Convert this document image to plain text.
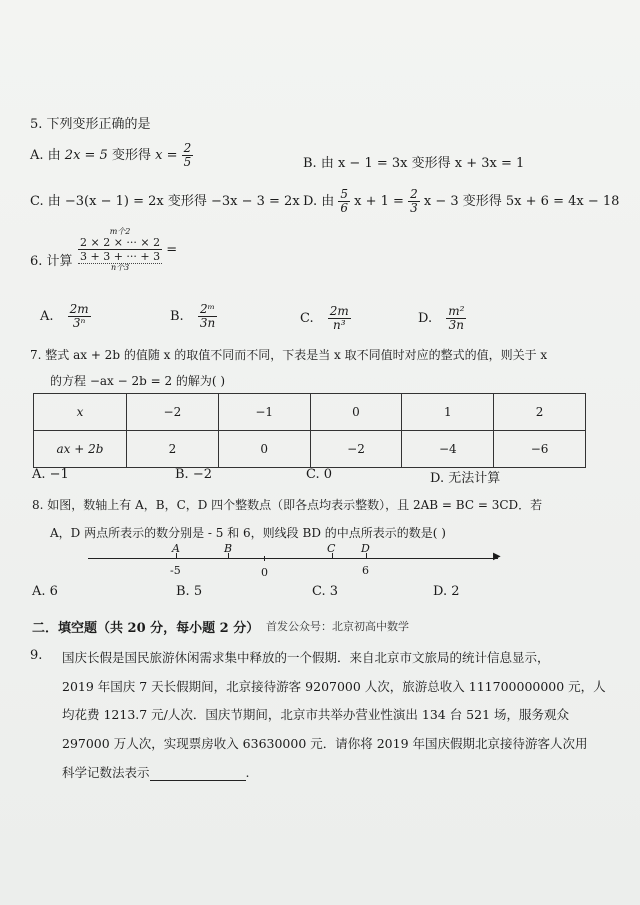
5. 下列变形正确的是
A. 由 2x = 5 变形得 $x = \frac{2}{5}$	B. 由 x − 1 = 3x 变形得 x + 3x = 1
C. 由 −3(x − 1) = 2x 变形得 −3x − 3 = 2x D. 由 $\frac{5}{6}$ $x + 1 = \frac{2}{3}$ x − 3 变形得 5x + 6 = 4x − 18
6. 计算
m个2
2 × 2 × ··· × 2
3 + 3 + ··· + 3
n个3
=
A. $\frac{2m}{\text{3ⁿ}}$	B. $\frac{\text{2ᵐ}}{3n}$	C. $\frac{2m}{\text{n³}}$	D. $\frac{\text{m²}}{3n}$
7. 整式 ax + 2b 的值随 x 的取值不同而不同，下表是当 x 取不同值时对应的整式的值，则关于 x
的方程 −ax − 2b = 2 的解为( )
x	−2	−1	0	1	2
ax + 2b	2	0	−2	−4	−6
A. −1	B. −2	C. 0	D. 无法计算
8. 如图，数轴上有 A，B，C，D 四个整数点（即各点均表示整数），且 2AB = BC = 3CD．若
A，D 两点所表示的数分别是 - 5 和 6，则线段 BD 的中点所表示的数是( )
▶
A	B	C D
-5	0	6
A. 6	B. 5	C. 3	D. 2
二．填空题（共 20 分，每小题 2 分） 首发公众号：北京初高中数学
9. 国庆长假是国民旅游休闲需求集中释放的一个假期．来自北京市文旅局的统计信息显示，
2019 年国庆 7 天长假期间，北京接待游客 9207000 人次，旅游总收入 111700000000 元，人
均花费 1213.7 元/人次．国庆节期间，北京市共举办营业性演出 134 台 521 场，服务观众
297000 万人次，实现票房收入 63630000 元．请你将 2019 年国庆假期北京接待游客人次用
科学记数法表示	.
